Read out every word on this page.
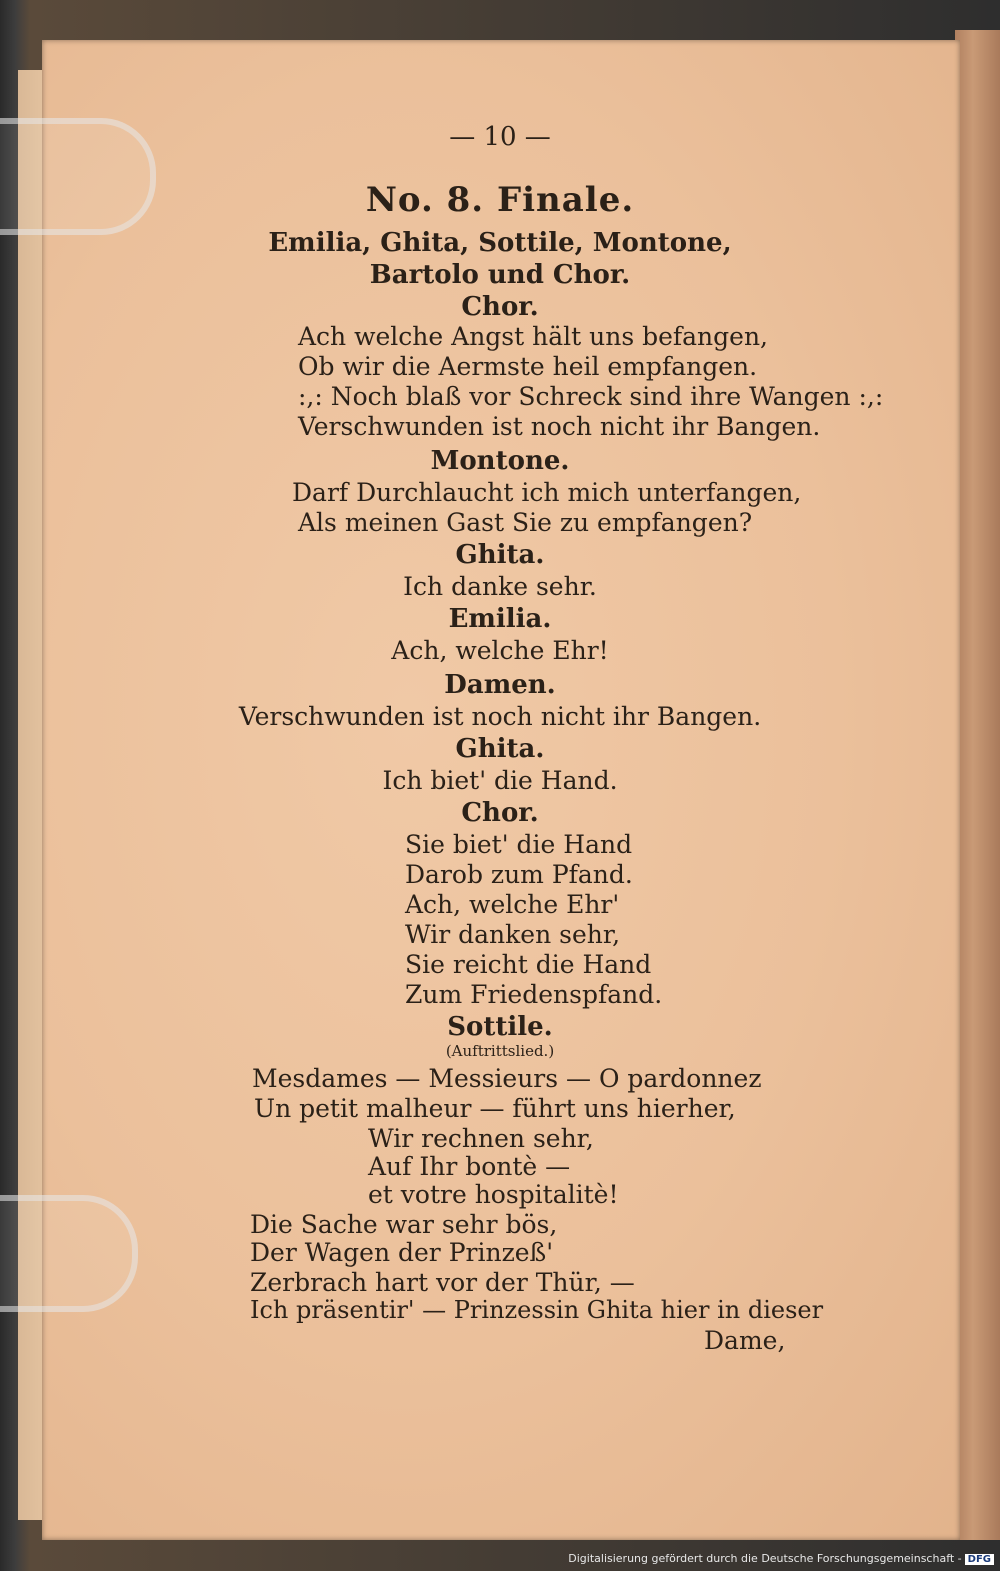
— 10 —
No. 8. Finale.
Emilia, Ghita, Sottile, Montone,
Bartolo und Chor.
Chor.
Ach welche Angst hält uns befangen,
Ob wir die Aermste heil empfangen.
:,: Noch blaß vor Schreck sind ihre Wangen :,:
Verschwunden ist noch nicht ihr Bangen.
Montone.
Darf Durchlaucht ich mich unterfangen,
Als meinen Gast Sie zu empfangen?
Ghita.
Ich danke sehr.
Emilia.
Ach, welche Ehr!
Damen.
Verschwunden ist noch nicht ihr Bangen.
Ghita.
Ich biet' die Hand.
Chor.
Sie biet' die Hand
Darob zum Pfand.
Ach, welche Ehr'
Wir danken sehr,
Sie reicht die Hand
Zum Friedenspfand.
Sottile.
(Auftrittslied.)
Mesdames — Messieurs — O pardonnez
Un petit malheur — führt uns hierher,
Wir rechnen sehr,
Auf Ihr bontè —
et votre hospitalitè!
Die Sache war sehr bös,
Der Wagen der Prinzeß'
Zerbrach hart vor der Thür, —
Ich präsentir' — Prinzessin Ghita hier in dieser
Dame,
Digitalisierung gefördert durch die Deutsche Forschungsgemeinschaft - DFG
